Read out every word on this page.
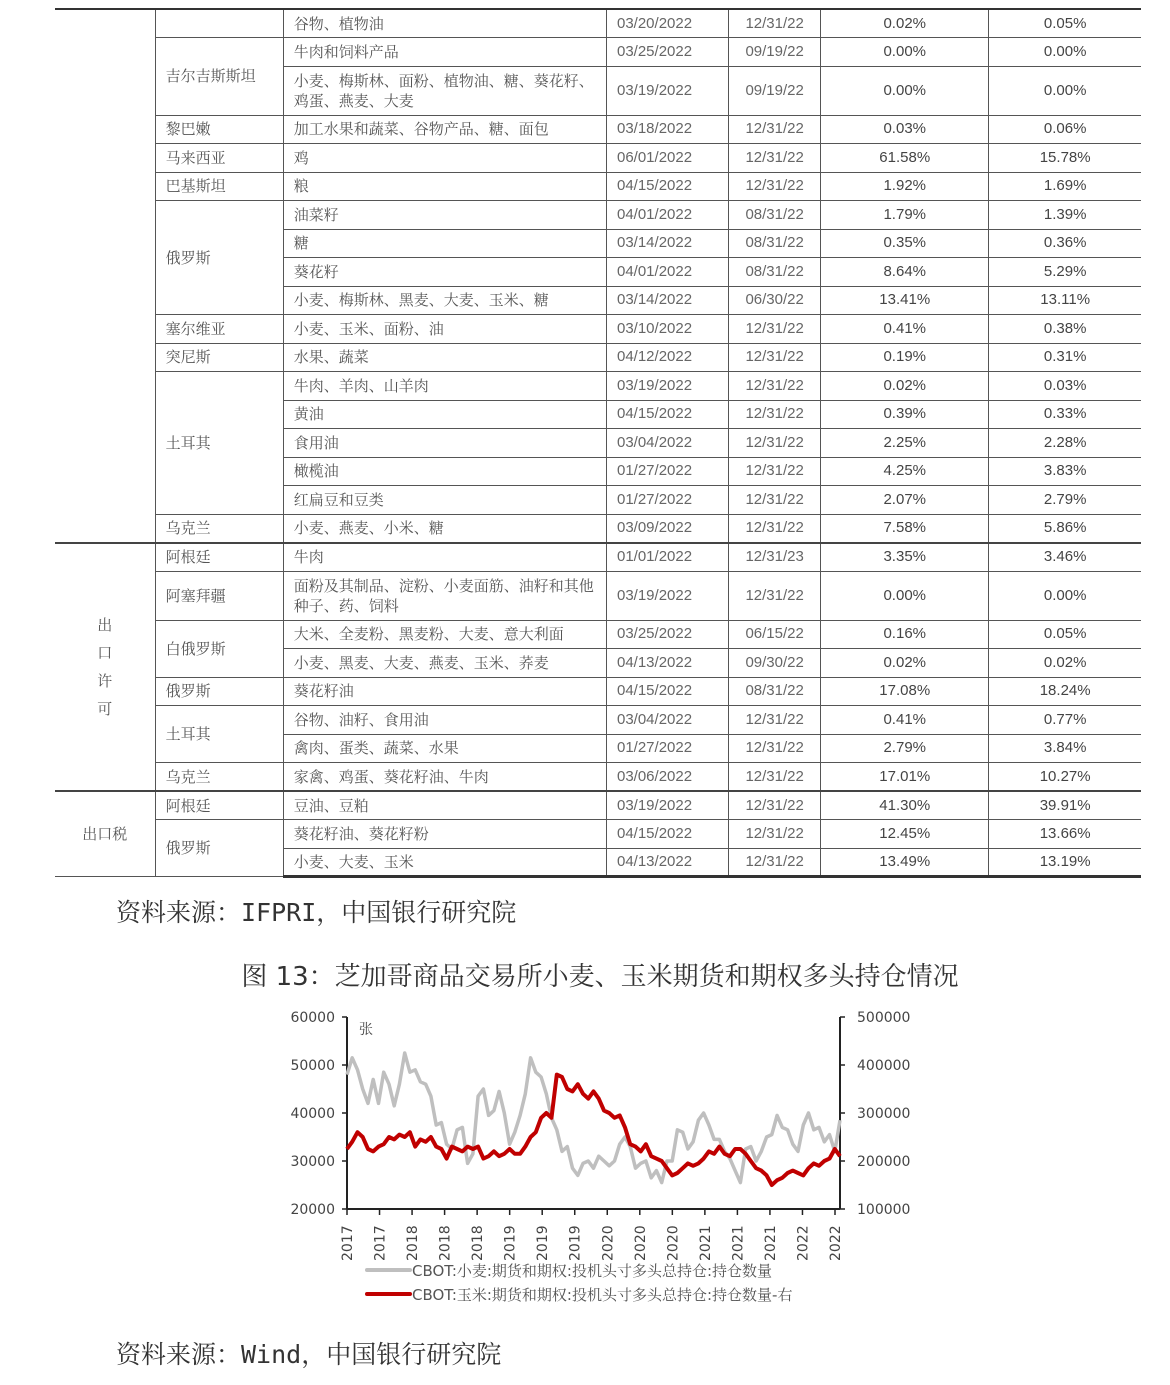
		谷物、植物油	03/20/2022	12/31/22	0.02%	0.05%
	吉尔吉斯斯坦	牛肉和饲料产品	03/25/2022	09/19/22	0.00%	0.00%
		小麦、梅斯林、面粉、植物油、糖、葵花籽、鸡蛋、燕麦、大麦	03/19/2022	09/19/22	0.00%	0.00%
	黎巴嫩	加工水果和蔬菜、谷物产品、糖、面包	03/18/2022	12/31/22	0.03%	0.06%
	马来西亚	鸡	06/01/2022	12/31/22	61.58%	15.78%
	巴基斯坦	粮	04/15/2022	12/31/22	1.92%	1.69%
	俄罗斯	油菜籽	04/01/2022	08/31/22	1.79%	1.39%
		糖	03/14/2022	08/31/22	0.35%	0.36%
		葵花籽	04/01/2022	08/31/22	8.64%	5.29%
		小麦、梅斯林、黑麦、大麦、玉米、糖	03/14/2022	06/30/22	13.41%	13.11%
	塞尔维亚	小麦、玉米、面粉、油	03/10/2022	12/31/22	0.41%	0.38%
	突尼斯	水果、蔬菜	04/12/2022	12/31/22	0.19%	0.31%
	土耳其	牛肉、羊肉、山羊肉	03/19/2022	12/31/22	0.02%	0.03%
		黄油	04/15/2022	12/31/22	0.39%	0.33%
		食用油	03/04/2022	12/31/22	2.25%	2.28%
		橄榄油	01/27/2022	12/31/22	4.25%	3.83%
		红扁豆和豆类	01/27/2022	12/31/22	2.07%	2.79%
	乌克兰	小麦、燕麦、小米、糖	03/09/2022	12/31/22	7.58%	5.86%

出
口
许
可	阿根廷	牛肉	01/01/2022	12/31/23	3.35%	3.46%
	阿塞拜疆	面粉及其制品、淀粉、小麦面筋、油籽和其他种子、药、饲料	03/19/2022	12/31/22	0.00%	0.00%
	白俄罗斯	大米、全麦粉、黑麦粉、大麦、意大利面	03/25/2022	06/15/22	0.16%	0.05%
		小麦、黑麦、大麦、燕麦、玉米、荞麦	04/13/2022	09/30/22	0.02%	0.02%
	俄罗斯	葵花籽油	04/15/2022	08/31/22	17.08%	18.24%
	土耳其	谷物、油籽、食用油	03/04/2022	12/31/22	0.41%	0.77%
		禽肉、蛋类、蔬菜、水果	01/27/2022	12/31/22	2.79%	3.84%
	乌克兰	家禽、鸡蛋、葵花籽油、牛肉	03/06/2022	12/31/22	17.01%	10.27%
出口税	阿根廷	豆油、豆粕	03/19/2022	12/31/22	41.30%	39.91%
	俄罗斯	葵花籽油、葵花籽粉	04/15/2022	12/31/22	12.45%	13.66%
		小麦、大麦、玉米	04/13/2022	12/31/22	13.49%	13.19%
资料来源：IFPRI，中国银行研究院
图 13：芝加哥商品交易所小麦、玉米期货和期权多头持仓情况
20000
30000
40000
50000
60000
100000
200000
300000
400000
500000
张
2017 2017 2018 2018 2018 2019 2019 2019 2020 2020 2020 2021 2021 2021 2022 2022
CBOT:小麦:期货和期权:投机头寸多头总持仓:持仓数量
CBOT:玉米:期货和期权:投机头寸多头总持仓:持仓数量-右
资料来源：Wind，中国银行研究院
